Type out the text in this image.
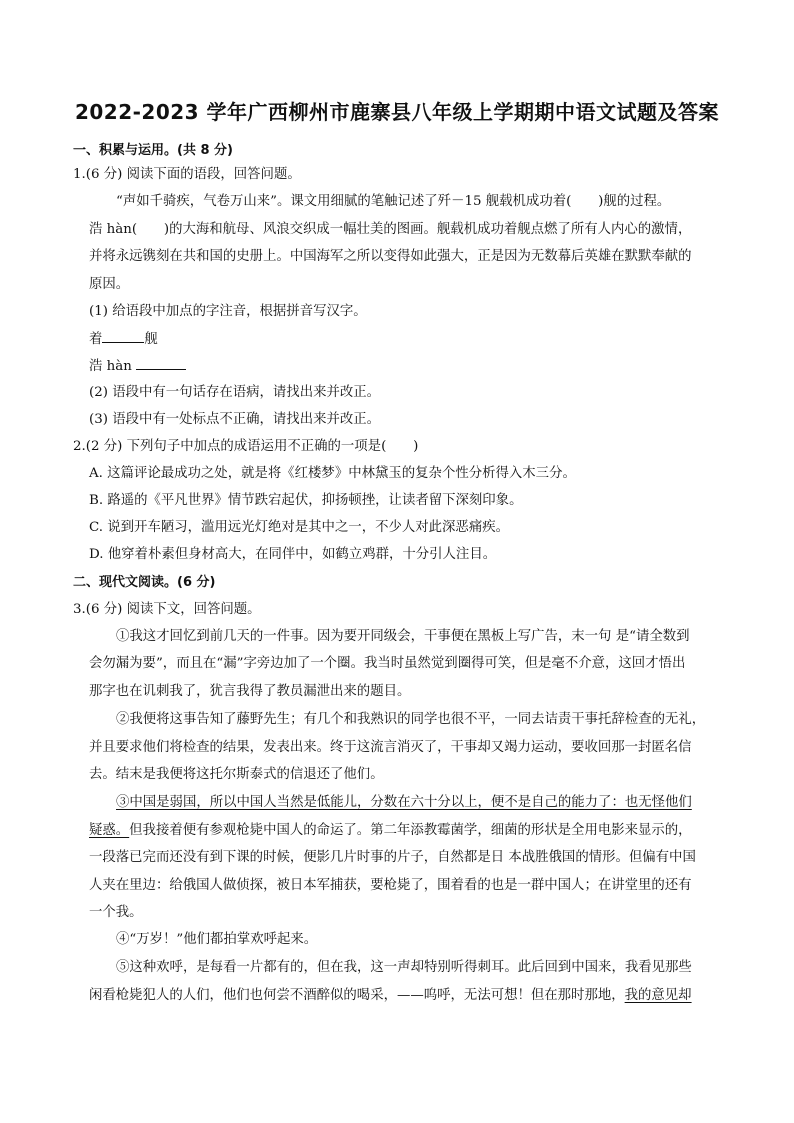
2022-2023 学年广西柳州市鹿寨县八年级上学期期中语文试题及答案
一、积累与运用。(共 8 分)
1.(6 分) 阅读下面的语段，回答问题。
“声如千骑疾，气卷万山来”。课文用细腻的笔触记述了歼－15 舰载机成功着(　　)舰的过程。
浩 hàn(　　)的大海和航母、风浪交织成一幅壮美的图画。舰载机成功着舰点燃了所有人内心的激情，
并将永远镌刻在共和国的史册上。中国海军之所以变得如此强大，正是因为无数幕后英雄在默默奉献的
原因。
(1) 给语段中加点的字注音，根据拼音写汉字。
着	舰
浩 hàn
(2) 语段中有一句话存在语病，请找出来并改正。
(3) 语段中有一处标点不正确，请找出来并改正。
2.(2 分) 下列句子中加点的成语运用不正确的一项是(　　)
A. 这篇评论最成功之处，就是将《红楼梦》中林黛玉的复杂个性分析得入木三分。
B. 路遥的《平凡世界》情节跌宕起伏，抑扬顿挫，让读者留下深刻印象。
C. 说到开车陋习，滥用远光灯绝对是其中之一，不少人对此深恶痛疾。
D. 他穿着朴素但身材高大，在同伴中，如鹤立鸡群，十分引人注目。
二、现代文阅读。(6 分)
3.(6 分) 阅读下文，回答问题。
①我这才回忆到前几天的一件事。因为要开同级会，干事便在黑板上写广告，末一句 是“请全数到
会勿漏为要”，而且在“漏”字旁边加了一个圈。我当时虽然觉到圈得可笑，但是毫不介意，这回才悟出
那字也在讥刺我了，犹言我得了教员漏泄出来的题目。
②我便将这事告知了藤野先生；有几个和我熟识的同学也很不平，一同去诘责干事托辞检查的无礼，
并且要求他们将检查的结果，发表出来。终于这流言消灭了，干事却又竭力运动，要收回那一封匿名信
去。结末是我便将这托尔斯泰式的信退还了他们。
③中国是弱国，所以中国人当然是低能儿，分数在六十分以上，便不是自己的能力了：也无怪他们
疑惑。但我接着便有参观枪毙中国人的命运了。第二年添教霉菌学，细菌的形状是全用电影来显示的，
一段落已完而还没有到下课的时候，便影几片时事的片子，自然都是日 本战胜俄国的情形。但偏有中国
人夹在里边：给俄国人做侦探，被日本军捕获，要枪毙了，围着看的也是一群中国人；在讲堂里的还有
一个我。
④“万岁！”他们都拍掌欢呼起来。
⑤这种欢呼，是每看一片都有的，但在我，这一声却特别听得刺耳。此后回到中国来，我看见那些
闲看枪毙犯人的人们，他们也何尝不酒醉似的喝采，——呜呼，无法可想！但在那时那地，我的意见却
